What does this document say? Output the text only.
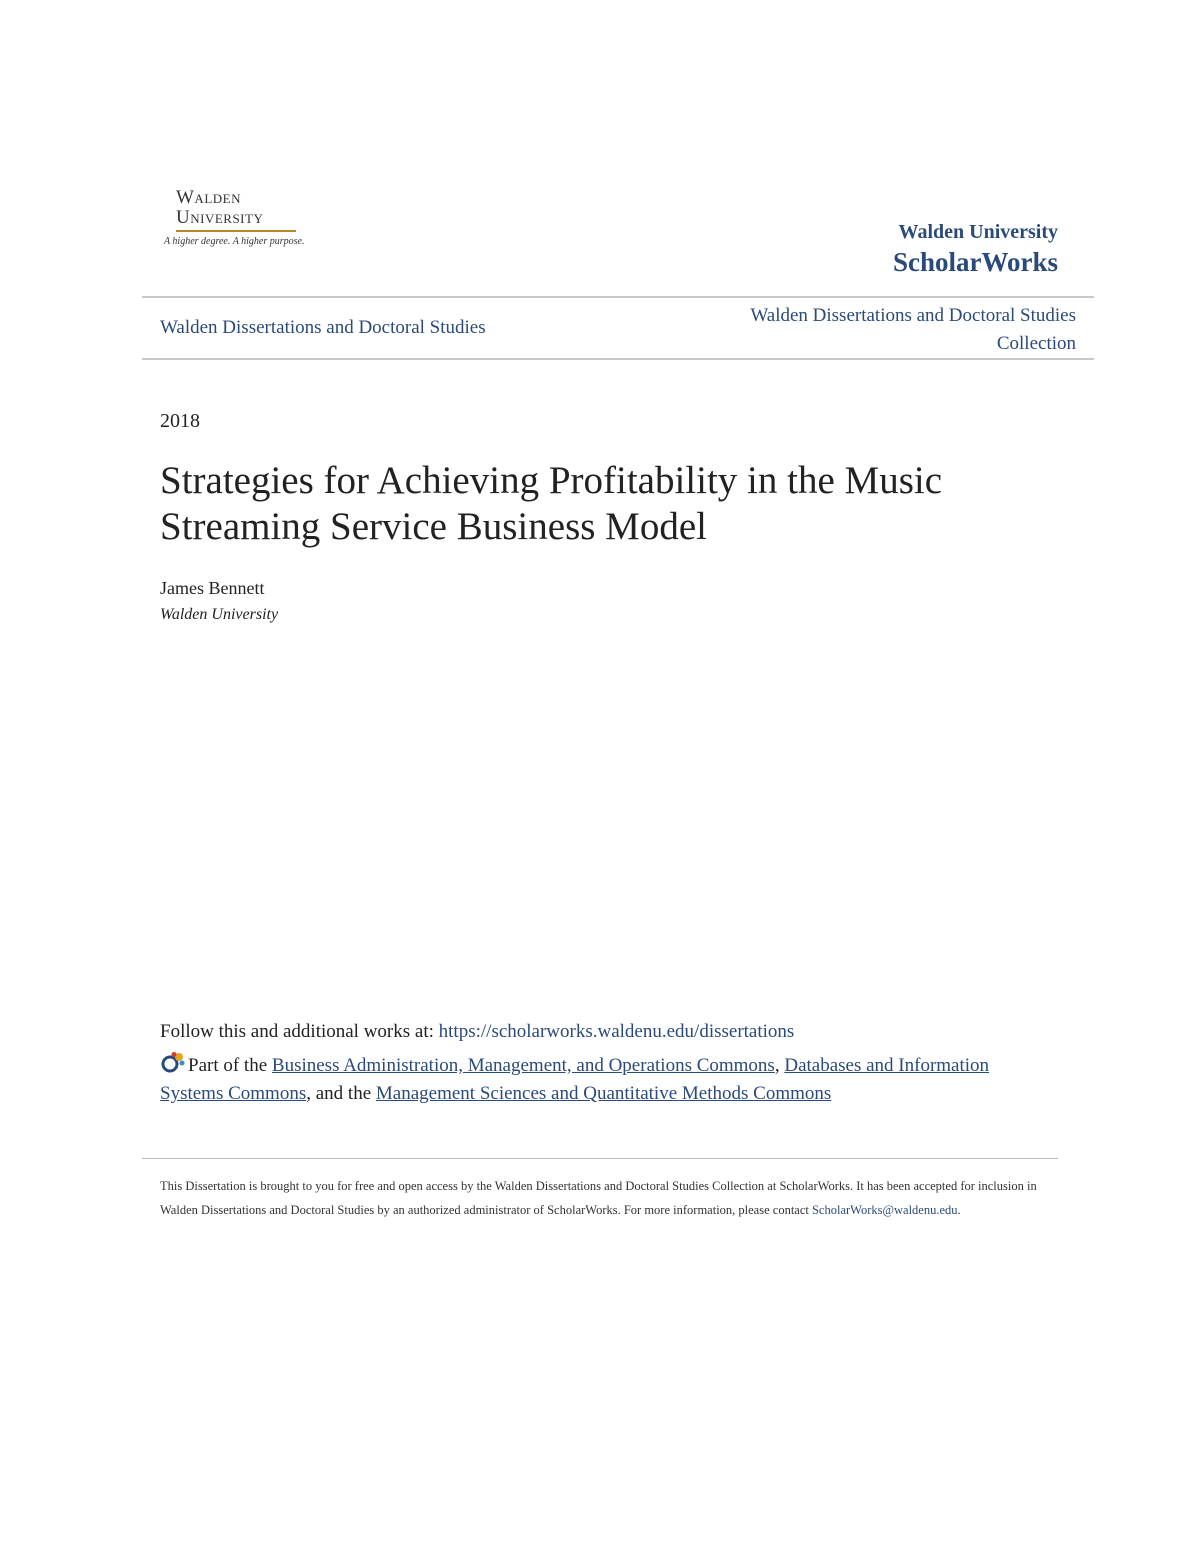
Walden
University
A higher degree. A higher purpose.	Walden University
ScholarWorks
Walden Dissertations and Doctoral Studies
Walden Dissertations and Doctoral Studies
Collection
2018
Strategies for Achieving Profitability in the Music Streaming Service Business Model
James Bennett
Walden University
Follow this and additional works at: https://scholarworks.waldenu.edu/dissertations
Part of the Business Administration, Management, and Operations Commons, Databases and Information Systems Commons, and the Management Sciences and Quantitative Methods Commons
This Dissertation is brought to you for free and open access by the Walden Dissertations and Doctoral Studies Collection at ScholarWorks. It has been accepted for inclusion in Walden Dissertations and Doctoral Studies by an authorized administrator of ScholarWorks. For more information, please contact ScholarWorks@waldenu.edu.
